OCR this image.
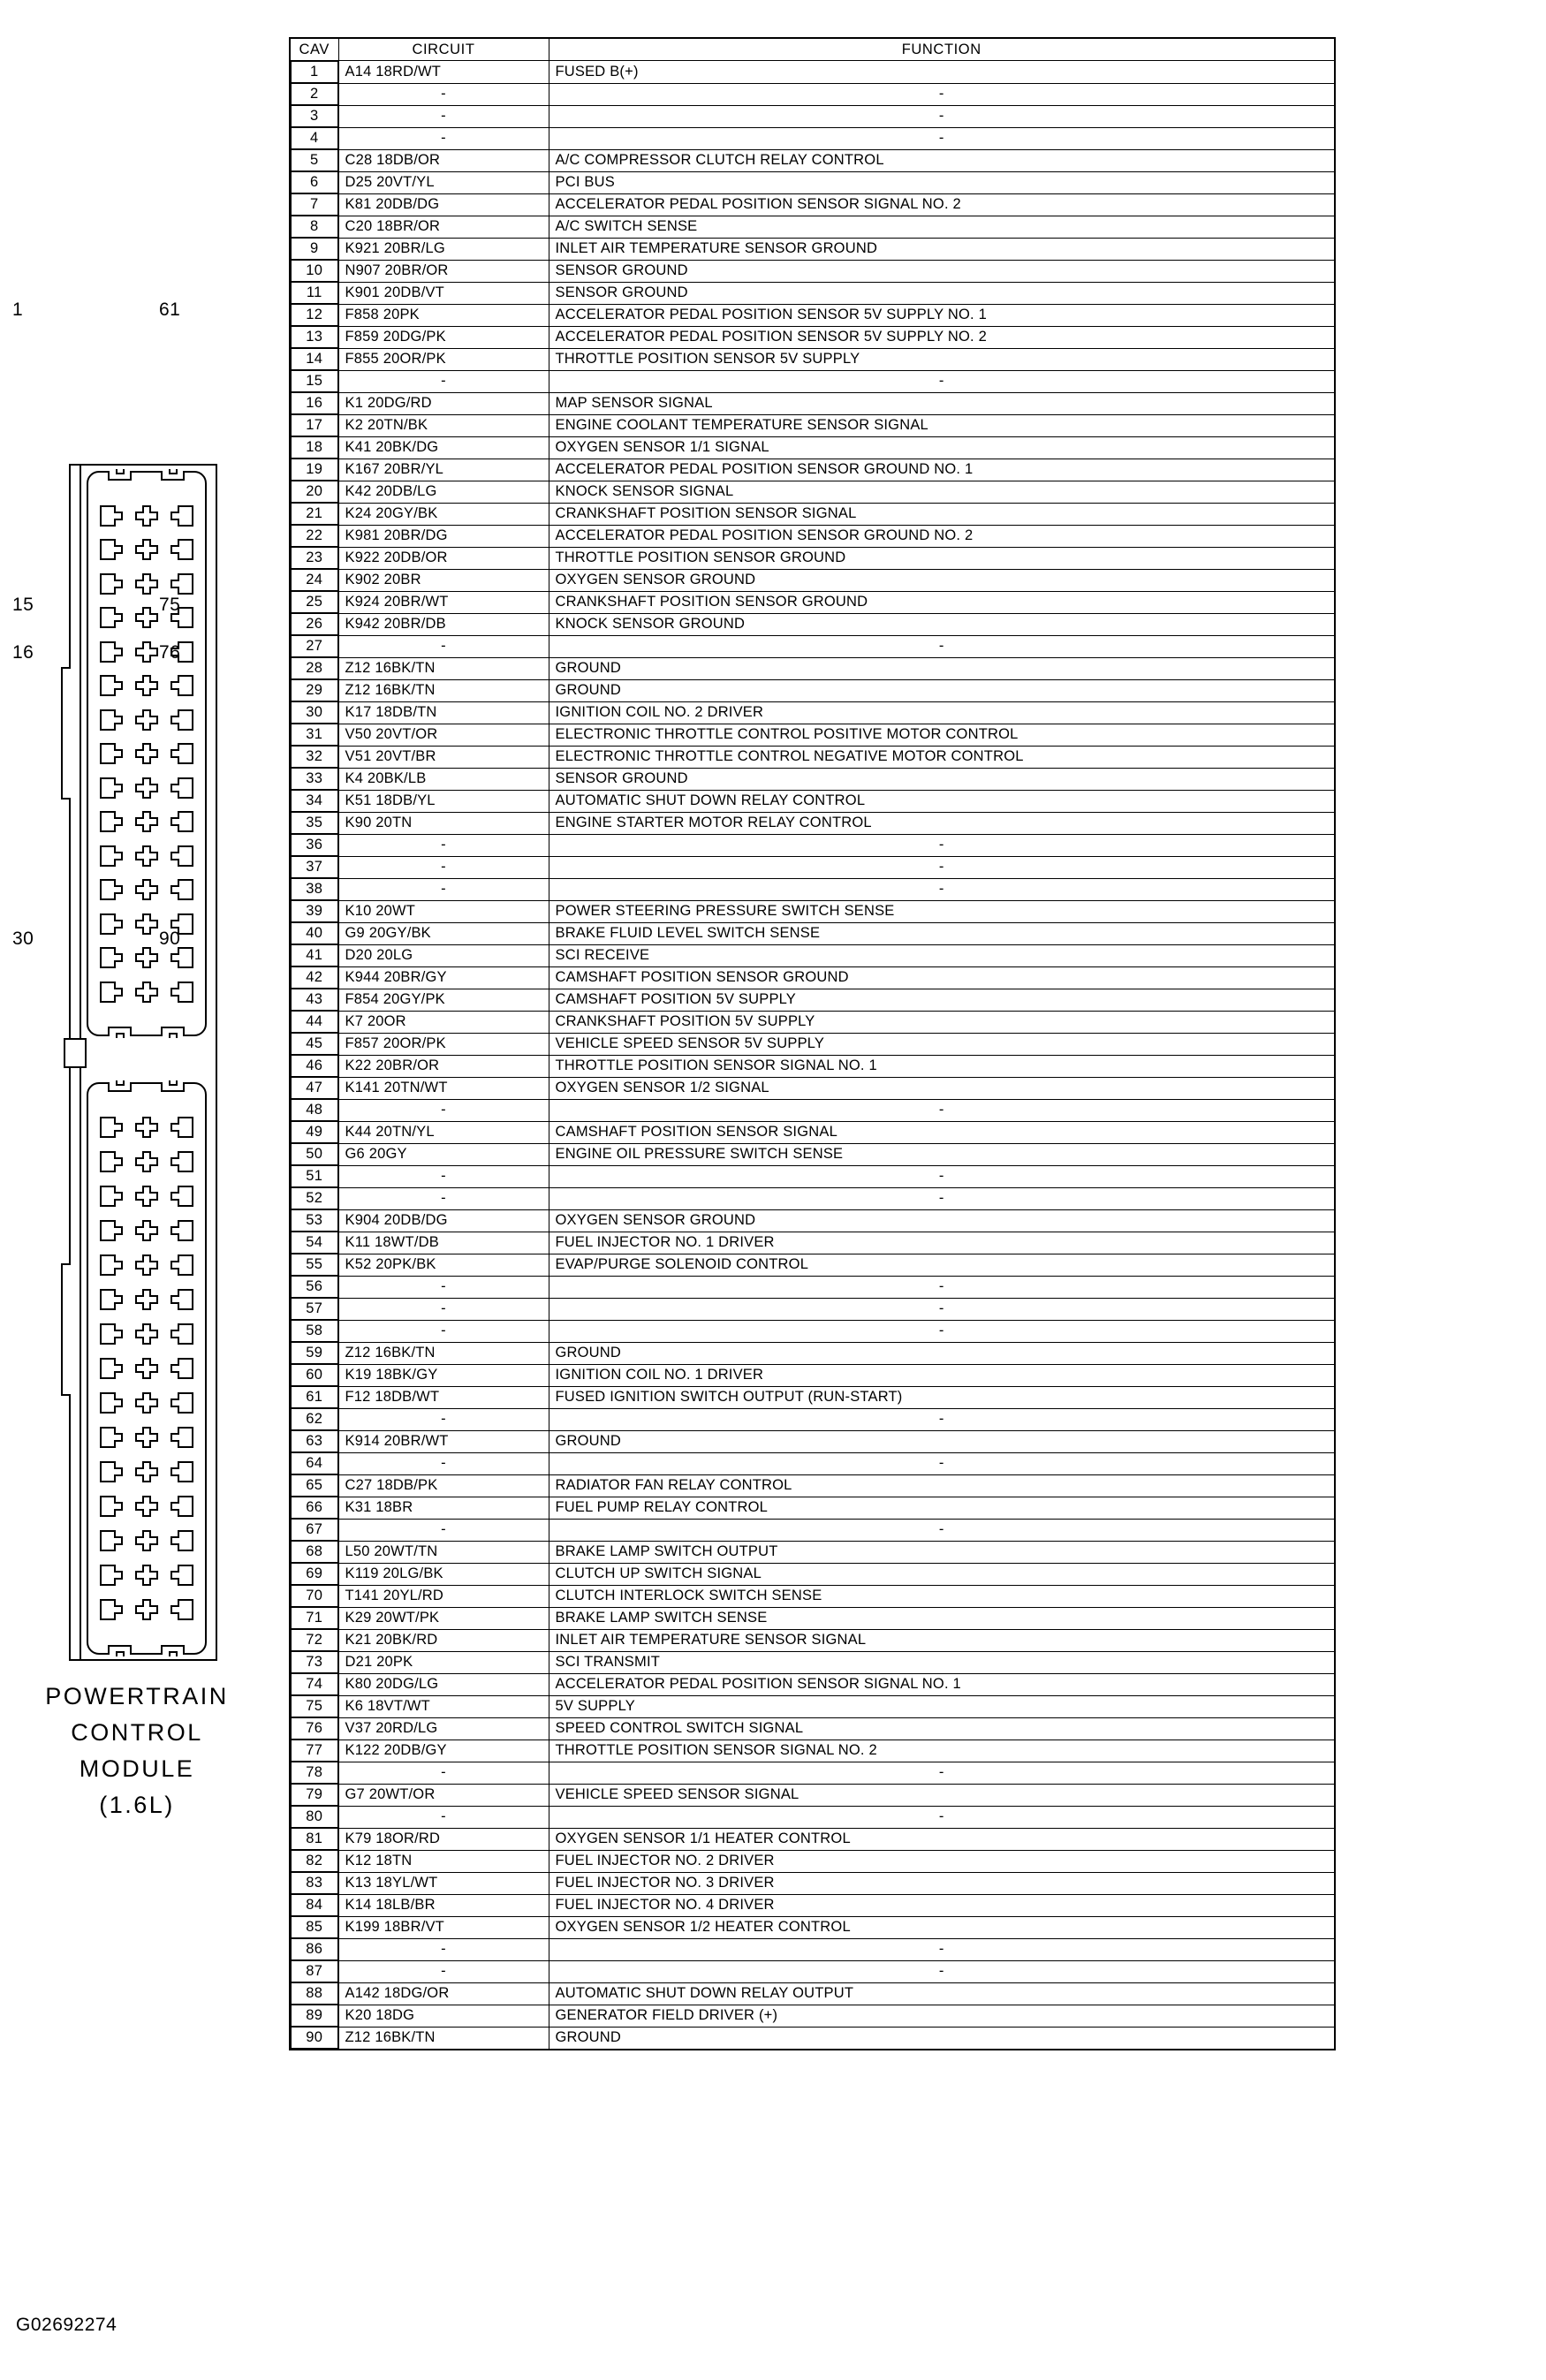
1	61
15	75
16	76
30	90
POWERTRAIN
CONTROL
MODULE
(1.6L)
G02692274
CAV	CIRCUIT	FUNCTION

1	A14 18RD/WT	FUSED B(+)

2	-	-

3	-	-

4	-	-

5	C28 18DB/OR	A/C COMPRESSOR CLUTCH RELAY CONTROL

6	D25 20VT/YL	PCI BUS

7	K81 20DB/DG	ACCELERATOR PEDAL POSITION SENSOR SIGNAL NO. 2

8	C20 18BR/OR	A/C SWITCH SENSE

9	K921 20BR/LG	INLET AIR TEMPERATURE SENSOR GROUND

10	N907 20BR/OR	SENSOR GROUND

11	K901 20DB/VT	SENSOR GROUND

12	F858 20PK	ACCELERATOR PEDAL POSITION SENSOR 5V SUPPLY NO. 1

13	F859 20DG/PK	ACCELERATOR PEDAL POSITION SENSOR 5V SUPPLY NO. 2

14	F855 20OR/PK	THROTTLE POSITION SENSOR 5V SUPPLY

15	-	-

16	K1 20DG/RD	MAP SENSOR SIGNAL

17	K2 20TN/BK	ENGINE COOLANT TEMPERATURE SENSOR SIGNAL

18	K41 20BK/DG	OXYGEN SENSOR 1/1 SIGNAL

19	K167 20BR/YL	ACCELERATOR PEDAL POSITION SENSOR GROUND NO. 1

20	K42 20DB/LG	KNOCK SENSOR SIGNAL

21	K24 20GY/BK	CRANKSHAFT POSITION SENSOR SIGNAL

22	K981 20BR/DG	ACCELERATOR PEDAL POSITION SENSOR GROUND NO. 2

23	K922 20DB/OR	THROTTLE POSITION SENSOR GROUND

24	K902 20BR	OXYGEN SENSOR GROUND

25	K924 20BR/WT	CRANKSHAFT POSITION SENSOR GROUND

26	K942 20BR/DB	KNOCK SENSOR GROUND

27	-	-

28	Z12 16BK/TN	GROUND

29	Z12 16BK/TN	GROUND

30	K17 18DB/TN	IGNITION COIL NO. 2 DRIVER

31	V50 20VT/OR	ELECTRONIC THROTTLE CONTROL POSITIVE MOTOR CONTROL

32	V51 20VT/BR	ELECTRONIC THROTTLE CONTROL NEGATIVE MOTOR CONTROL

33	K4 20BK/LB	SENSOR GROUND

34	K51 18DB/YL	AUTOMATIC SHUT DOWN RELAY CONTROL

35	K90 20TN	ENGINE STARTER MOTOR RELAY CONTROL

36	-	-

37	-	-

38	-	-

39	K10 20WT	POWER STEERING PRESSURE SWITCH SENSE

40	G9 20GY/BK	BRAKE FLUID LEVEL SWITCH SENSE

41	D20 20LG	SCI RECEIVE

42	K944 20BR/GY	CAMSHAFT POSITION SENSOR GROUND

43	F854 20GY/PK	CAMSHAFT POSITION 5V SUPPLY

44	K7 20OR	CRANKSHAFT POSITION 5V SUPPLY

45	F857 20OR/PK	VEHICLE SPEED SENSOR 5V SUPPLY

46	K22 20BR/OR	THROTTLE POSITION SENSOR SIGNAL NO. 1

47	K141 20TN/WT	OXYGEN SENSOR 1/2 SIGNAL

48	-	-

49	K44 20TN/YL	CAMSHAFT POSITION SENSOR SIGNAL

50	G6 20GY	ENGINE OIL PRESSURE SWITCH SENSE

51	-	-

52	-	-

53	K904 20DB/DG	OXYGEN SENSOR GROUND

54	K11 18WT/DB	FUEL INJECTOR NO. 1 DRIVER

55	K52 20PK/BK	EVAP/PURGE SOLENOID CONTROL

56	-	-

57	-	-

58	-	-

59	Z12 16BK/TN	GROUND

60	K19 18BK/GY	IGNITION COIL NO. 1 DRIVER

61	F12 18DB/WT	FUSED IGNITION SWITCH OUTPUT (RUN-START)

62	-	-

63	K914 20BR/WT	GROUND

64	-	-

65	C27 18DB/PK	RADIATOR FAN RELAY CONTROL

66	K31 18BR	FUEL PUMP RELAY CONTROL

67	-	-

68	L50 20WT/TN	BRAKE LAMP SWITCH OUTPUT

69	K119 20LG/BK	CLUTCH UP SWITCH SIGNAL

70	T141 20YL/RD	CLUTCH INTERLOCK SWITCH SENSE

71	K29 20WT/PK	BRAKE LAMP SWITCH SENSE

72	K21 20BK/RD	INLET AIR TEMPERATURE SENSOR SIGNAL

73	D21 20PK	SCI TRANSMIT

74	K80 20DG/LG	ACCELERATOR PEDAL POSITION SENSOR SIGNAL NO. 1

75	K6 18VT/WT	5V SUPPLY

76	V37 20RD/LG	SPEED CONTROL SWITCH SIGNAL

77	K122 20DB/GY	THROTTLE POSITION SENSOR SIGNAL NO. 2

78	-	-

79	G7 20WT/OR	VEHICLE SPEED SENSOR SIGNAL

80	-	-

81	K79 18OR/RD	OXYGEN SENSOR 1/1 HEATER CONTROL

82	K12 18TN	FUEL INJECTOR NO. 2 DRIVER

83	K13 18YL/WT	FUEL INJECTOR NO. 3 DRIVER

84	K14 18LB/BR	FUEL INJECTOR NO. 4 DRIVER

85	K199 18BR/VT	OXYGEN SENSOR 1/2 HEATER CONTROL

86	-	-

87	-	-

88	A142 18DG/OR	AUTOMATIC SHUT DOWN RELAY OUTPUT

89	K20 18DG	GENERATOR FIELD DRIVER (+)

90	Z12 16BK/TN	GROUND
